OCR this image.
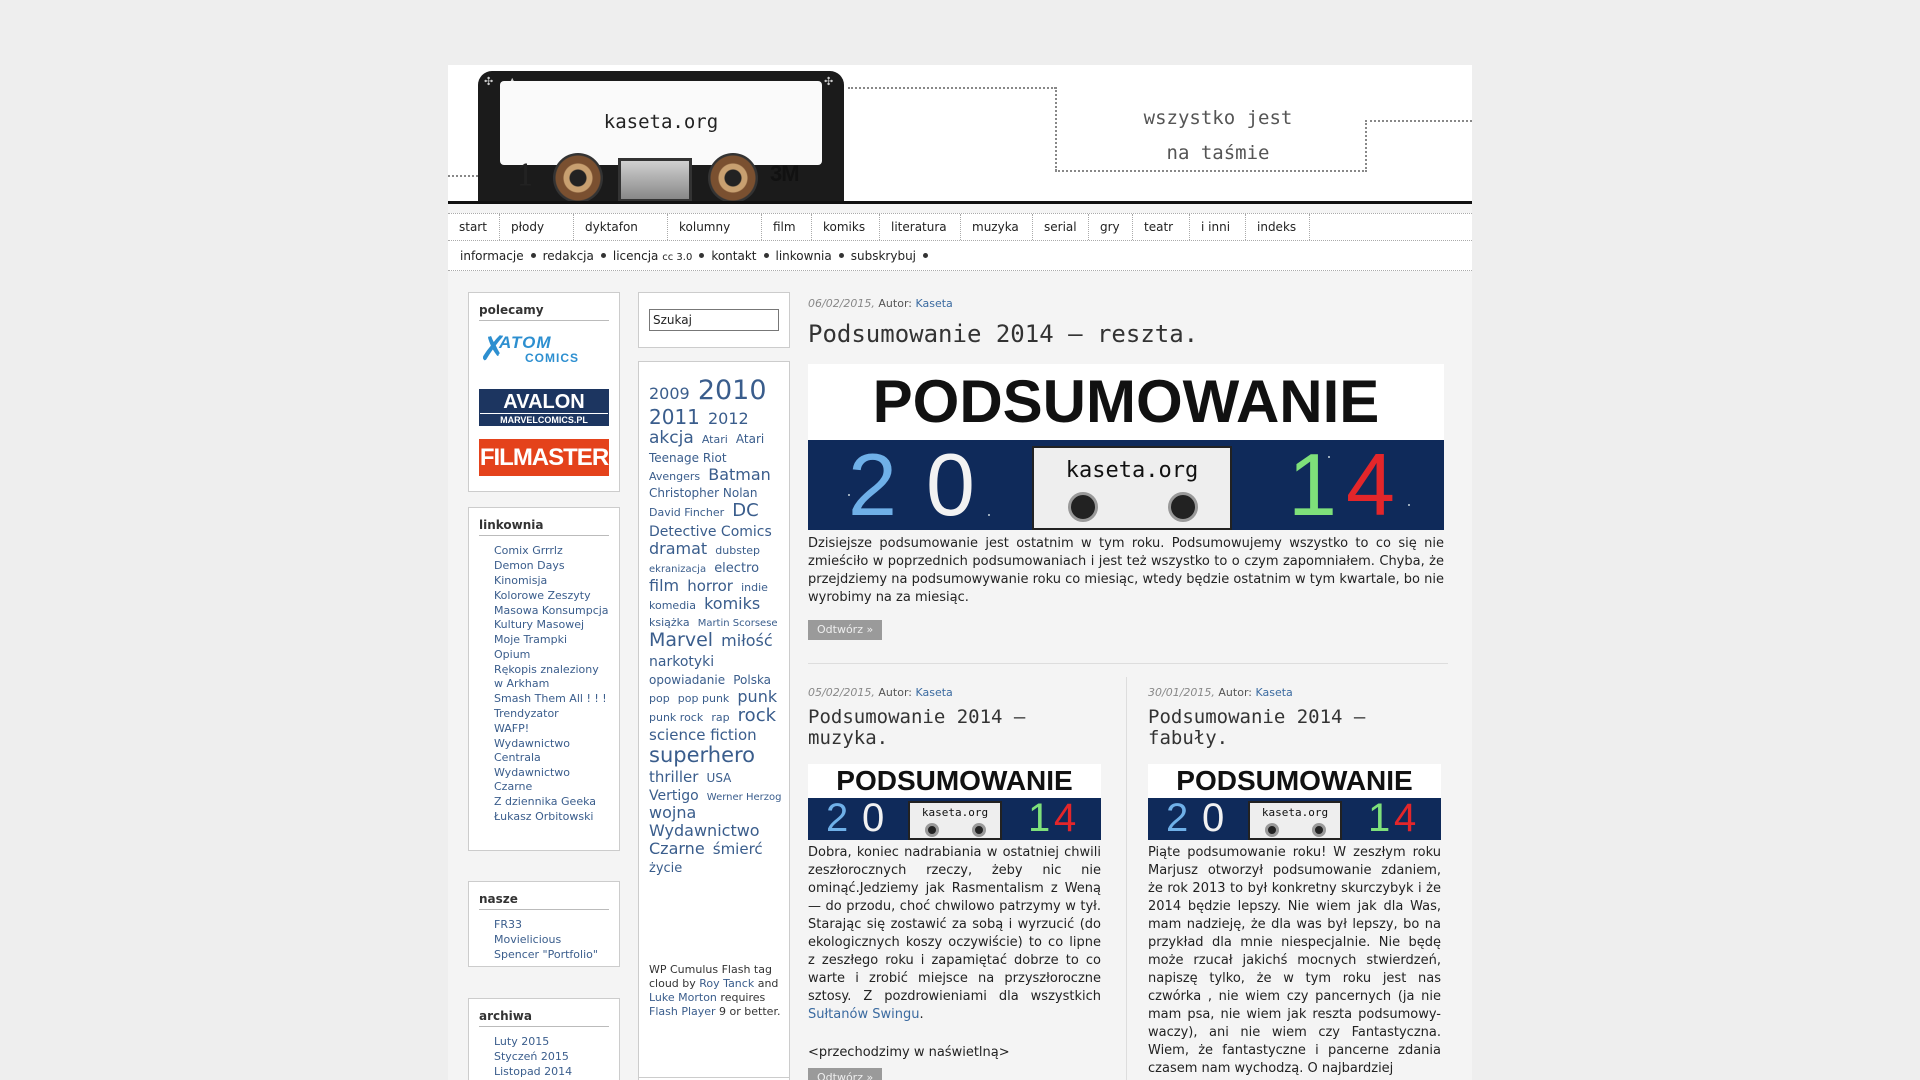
✣	✣
kaseta.org
1	3M
wszystko jest
na taśmie
start	płody	dyktafon	kolumny	film	komiks	literatura	muzyka	serial	gry	teatr	i inni	indeks
informacje redakcja licencja cc 3.0 kontakt linkownia subskrybuj
polecamy
✗
ATOM
COMICS
AVALON
MARVELCOMICS.PL
FILMASTER
linkownia
Comix Grrrlz
Demon Days
Kinomisja
Kolorowe Zeszyty
Masowa Konsumpcja Kultury Masowej
Moje Trampki
Opium
Rękopis znaleziony w Arkham
Smash Them All ! ! !
Trendyzator
WAFP!
Wydawnictwo Centrala
Wydawnictwo Czarne
Z dziennika Geeka
Łukasz Orbitowski
nasze
FR33
Movielicious
Spencer "Portfolio"
archiwa
Luty 2015
Styczeń 2015
Listopad 2014
Szukaj
2009 2010 2011 2012 akcja Atari Atari Teenage Riot Avengers Batman Christopher Nolan David Fincher DC Detective Comics dramat dubstep ekranizacja electro film horror indie komedia komiks książka Martin Scorsese Marvel miłość narkotyki opowiadanie Polska pop pop punk punk punk rock rap rock science fiction superhero thriller USA Vertigo Werner Herzog wojna Wydawnictwo Czarne śmierć życie
WP Cumulus Flash tag cloud by Roy Tanck and Luke Morton requires Flash Player 9 or better.
06/02/2015, Autor: Kaseta
Podsumowanie 2014 — reszta.
PODSUMOWANIE
2 0	kaseta.org	1 4
Dzisiejsze podsumowanie jest ostatnim w tym roku. Podsumowujemy wszystko to co się nie zmieściło w poprzednich podsumowaniach i jest też wszystko to o czym zapomniałem. Chyba, że przejdziemy na podsumowywanie roku co miesiąc, wtedy będzie ostatnim w tym kwartale, bo nie wyrobimy na za miesiąc.
Odtwórz »
05/02/2015, Autor: Kaseta
Podsumowanie 2014 — muzyka.
PODSUMOWANIE
2 0	kaseta.org 1 4
Dobra, koniec nadrabiania w ostatniej chwili zeszłorocznych rzeczy, żeby nic nie ominąć.Jedziemy jak Rasmentalism z Weną — do przodu, choć chwilowo patrzymy w tył. Starając się zostawić za sobą i wyrzucić (do ekologicznych koszy oczywiście) to co lipne z zeszłego roku i zapamiętać dobrze to co warte i zrobić miejsce na przyszłoroczne sztosy. Z pozdrowieniami dla wszystkich Sułtanów Swingu.
<przechodzimy w naświetlną>
Odtwórz »
30/01/2015, Autor: Kaseta
Podsumowanie 2014 — fabuły.
PODSUMOWANIE
2 0	kaseta.org 1 4
Piąte podsumowanie roku! W zeszłym roku Marjusz otworzył podsumowanie zdaniem, że rok 2013 to był konkretny skurczybyk i że 2014 będzie lepszy. Nie wiem jak dla Was, mam nadzieję, że dla was był lepszy, bo na przykład dla mnie niespecjalnie. Nie będę może rzucał jakichś mocnych stwierdzeń, napiszę tylko, że w tym roku jest nas czwórka , nie wiem czy pancernych (ja nie mam psa, nie wiem jak reszta podsumowy-waczy), ani nie wiem czy Fantastyczna. Wiem, że fantastyczne i pancerne zdania czasem nam wychodzą. O najbardziej
